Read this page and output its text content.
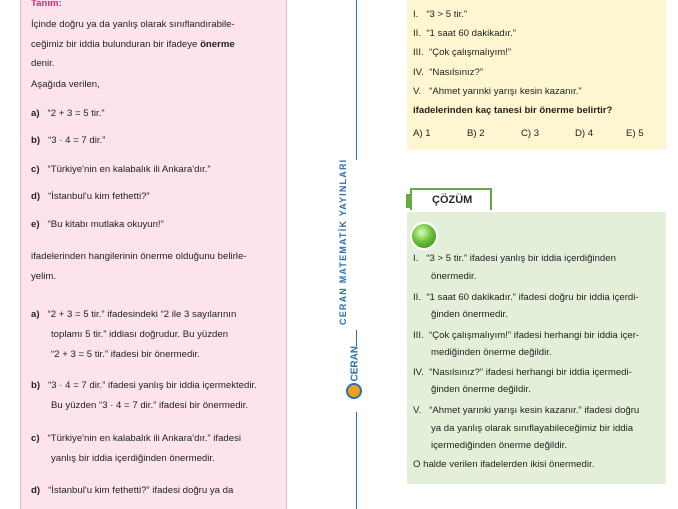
Tanım:
İçinde doğru ya da yanlış olarak sınıflandırabile-
ceğimiz bir iddia bulunduran bir ifadeye önerme
denir.
Aşağıda verilen,
a) “2 + 3 = 5 tir.”
b) “3 · 4 = 7 dir.”
c) “Türkiye'nin en kalabalık ili Ankara'dır.”
d) “İstanbul'u kim fethetti?”
e) “Bu kitabı mutlaka okuyun!”
ifadelerinden hangilerinin önerme olduğunu belirle-
yelim.
a) “2 + 3 = 5 tir.” ifadesindeki “2 ile 3 sayılarının
toplamı 5 tir.” iddiası doğrudur. Bu yüzden
“2 + 3 = 5 tir.” ifadesi bir önermedir.
b) “3 · 4 = 7 dir.” ifadesi yanlış bir iddia içermektedir.
Bu yüzden “3 · 4 = 7 dir.” ifadesi bir önermedir.
c) “Türkiye'nin en kalabalık ili Ankara'dır.” ifadesi
yanlış bir iddia içerdiğinden önermedir.
d) “İstanbul'u kim fethetti?” ifadesi doğru ya da
CERAN MATEMATİK YAYINLARI
CERAN
I. “3 > 5 tir.”
II. “1 saat 60 dakikadır.”
III. “Çok çalışmalıyım!”
IV. “Nasılsınız?”
V. “Ahmet yarınki yarışı kesin kazanır.”
ifadelerinden kaç tanesi bir önerme belirtir?
A) 1	B) 2	C) 3	D) 4	E) 5
ÇÖZÜM
I. “3 > 5 tir.” ifadesi yanlış bir iddia içerdiğinden
önermedir.
II. “1 saat 60 dakikadır.” ifadesi doğru bir iddia içerdi-
ğinden önermedir.
III. “Çok çalışmalıyım!” ifadesi herhangi bir iddia içer-
mediğinden önerme değildir.
IV. “Nasılsınız?” ifadesi herhangi bir iddia içermedi-
ğinden önerme değildir.
V. “Ahmet yarınki yarışı kesin kazanır.” ifadesi doğru
ya da yanlış olarak sınıflayabileceğimiz bir iddia
içermediğinden önerme değildir.
O halde verilen ifadelerden ikisi önermedir.
